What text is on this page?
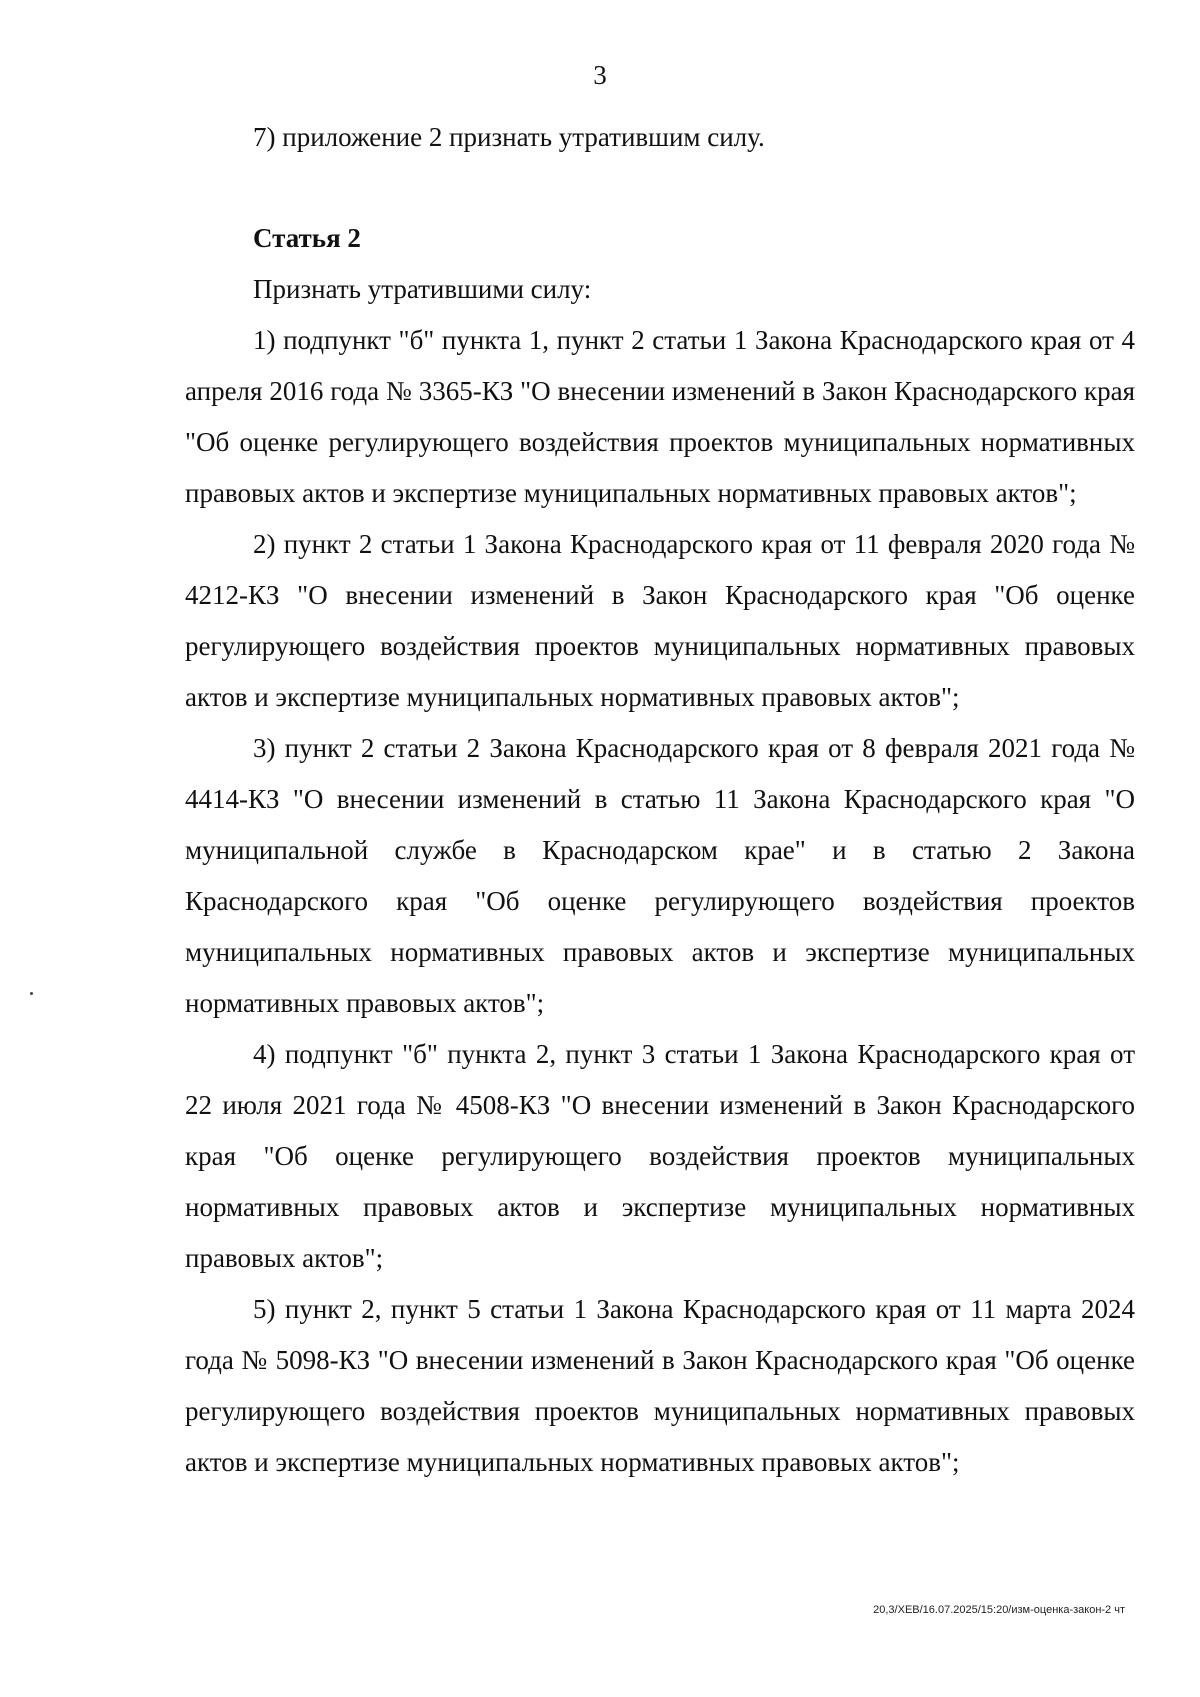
3

7) приложение 2 признать утратившим силу.

Статья 2

Признать утратившими силу:

1) подпункт "б" пункта 1, пункт 2 статьи 1 Закона Краснодарского края от 4 апреля 2016 года № 3365-КЗ "О внесении изменений в Закон Краснодарского края "Об оценке регулирующего воздействия проектов муниципальных нормативных правовых актов и экспертизе муниципальных нормативных правовых актов";

2) пункт 2 статьи 1 Закона Краснодарского края от 11 февраля 2020 года № 4212-КЗ "О внесении изменений в Закон Краснодарского края "Об оценке регулирующего воздействия проектов муниципальных нормативных правовых актов и экспертизе муниципальных нормативных правовых актов";

3) пункт 2 статьи 2 Закона Краснодарского края от 8 февраля 2021 года № 4414-КЗ "О внесении изменений в статью 11 Закона Краснодарского края "О муниципальной службе в Краснодарском крае" и в статью 2 Закона Краснодарского края "Об оценке регулирующего воздействия проектов муниципальных нормативных правовых актов и экспертизе муниципальных нормативных правовых актов";

4) подпункт "б" пункта 2, пункт 3 статьи 1 Закона Краснодарского края от 22 июля 2021 года № 4508-КЗ "О внесении изменений в Закон Краснодарского края "Об оценке регулирующего воздействия проектов муниципальных нормативных правовых актов и экспертизе муниципальных нормативных правовых актов";

5) пункт 2, пункт 5 статьи 1 Закона Краснодарского края от 11 марта 2024 года № 5098-КЗ "О внесении изменений в Закон Краснодарского края "Об оценке регулирующего воздействия проектов муниципальных нормативных правовых актов и экспертизе муниципальных нормативных правовых актов";

20,3/ХЕВ/16.07.2025/15:20/изм-оценка-закон-2 чт
